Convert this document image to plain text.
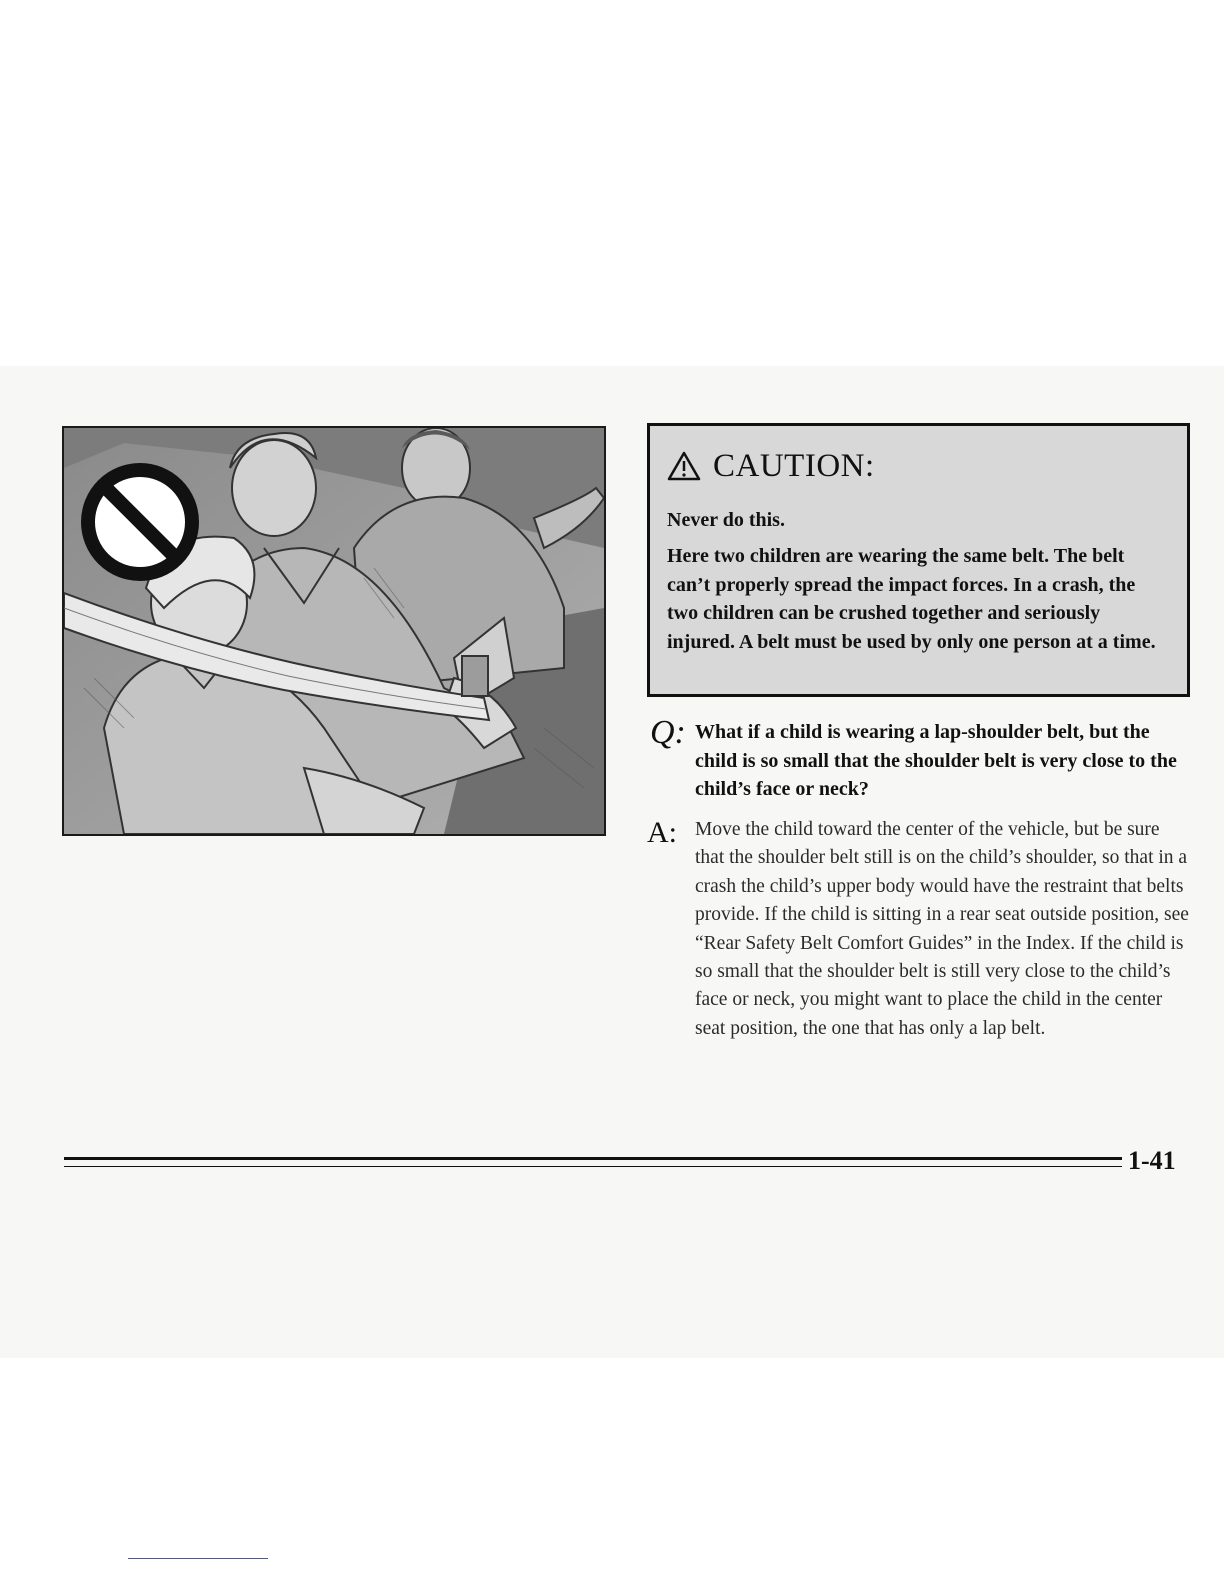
CAUTION:

Never do this.

Here two children are wearing the same belt. The belt can’t properly spread the impact forces. In a crash, the two children can be crushed together and seriously injured. A belt must be used by only one person at a time.

Q: What if a child is wearing a lap-shoulder belt, but the child is so small that the shoulder belt is very close to the child’s face or neck?
A: Move the child toward the center of the vehicle, but be sure that the shoulder belt still is on the child’s shoulder, so that in a crash the child’s upper body would have the restraint that belts provide. If the child is sitting in a rear seat outside position, see “Rear Safety Belt Comfort Guides” in the Index. If the child is so small that the shoulder belt is still very close to the child’s face or neck, you might want to place the child in the center seat position, the one that has only a lap belt.
1-41
